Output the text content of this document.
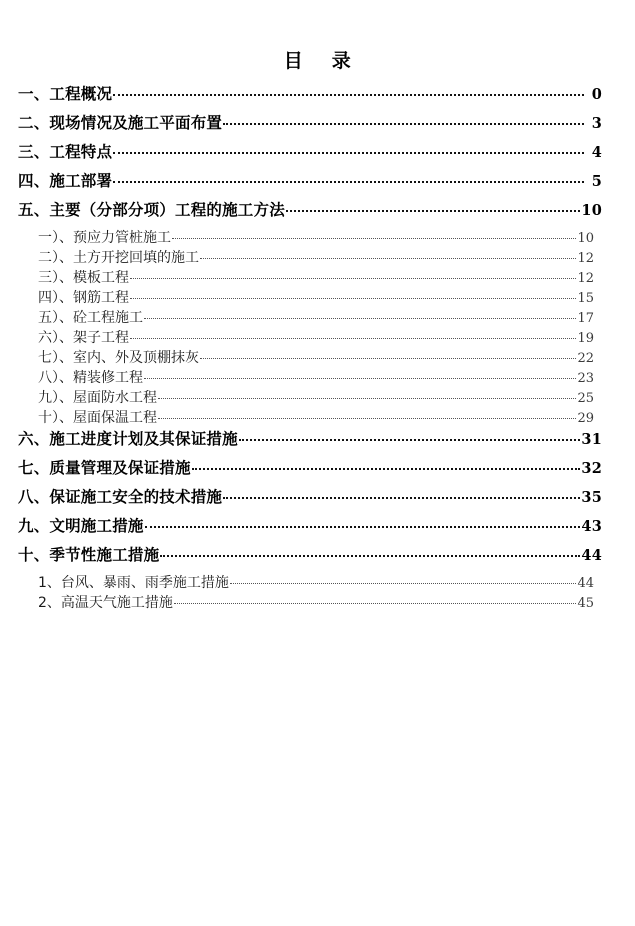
目    录
一、工程概况	0
二、现场情况及施工平面布置	3
三、工程特点	4
四、施工部署	5
五、主要（分部分项）工程的施工方法	10
一）、预应力管桩施工	10
二）、土方开挖回填的施工	12
三）、模板工程	12
四）、钢筋工程	15
五）、砼工程施工	17
六）、架子工程	19
七）、室内、外及顶棚抹灰	22
八）、精装修工程	23
九）、屋面防水工程	25
十）、屋面保温工程	29
六、施工进度计划及其保证措施	31
七、质量管理及保证措施	32
八、保证施工安全的技术措施	35
九、文明施工措施	43
十、季节性施工措施	44
1、台风、暴雨、雨季施工措施	44
2、高温天气施工措施	45
